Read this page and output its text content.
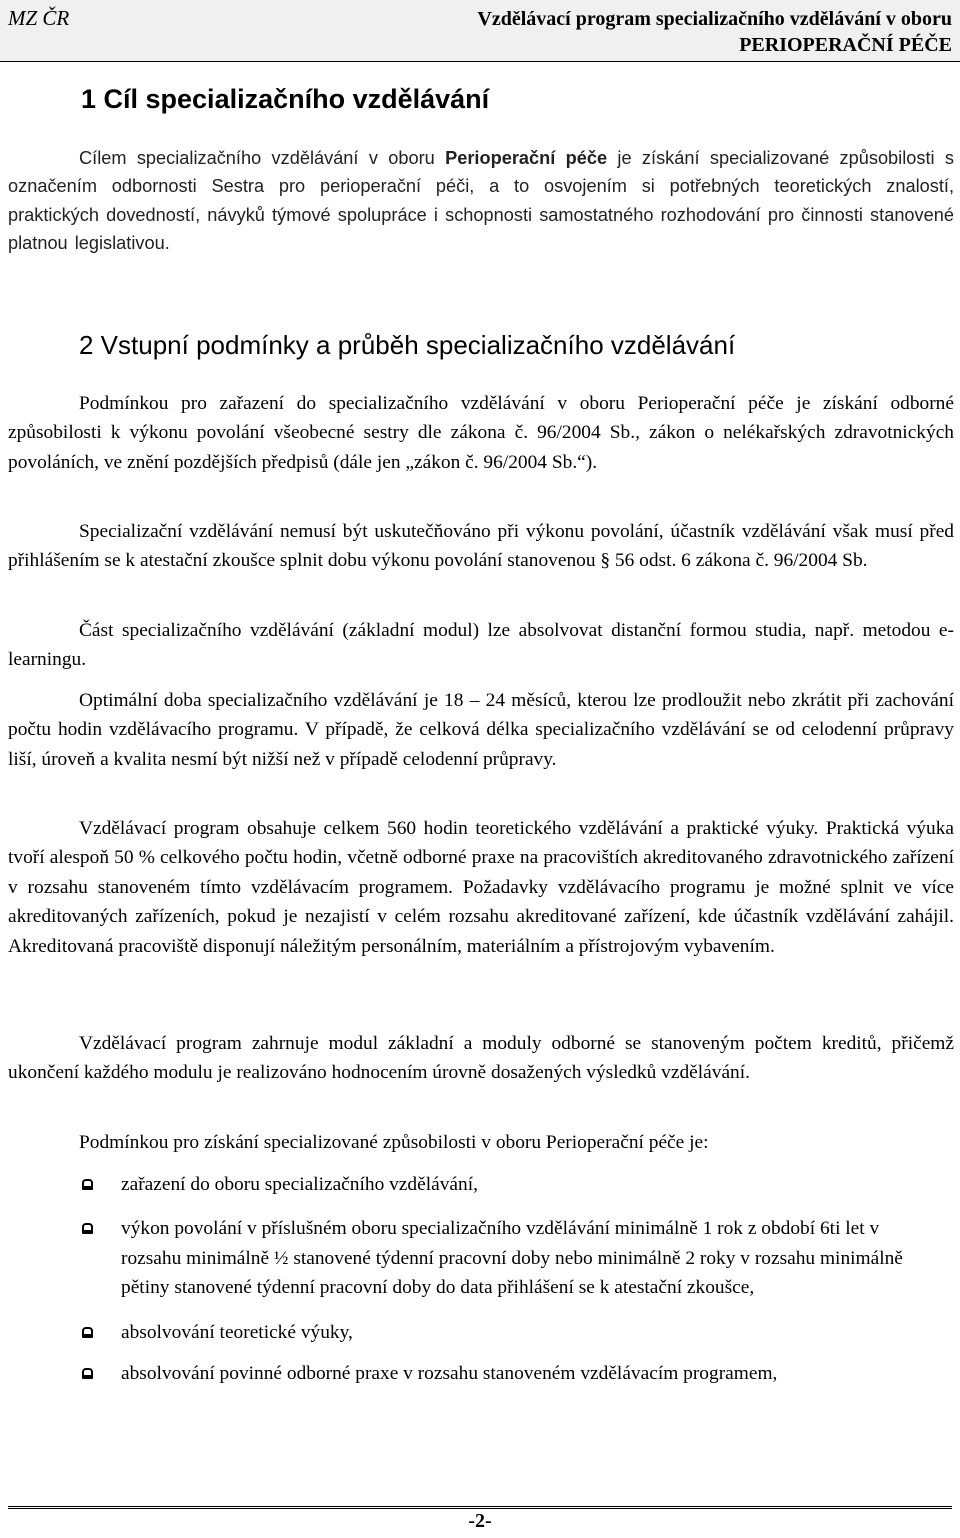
MZ ČR	Vzdělávací program specializačního vzdělávání v oboru
PERIOPERAČNÍ PÉČE
1 Cíl specializačního vzdělávání

Cílem specializačního vzdělávání v oboru Perioperační péče je získání specializované způsobilosti s označením odbornosti Sestra pro perioperační péči, a to osvojením si potřebných teoretických znalostí, praktických dovedností, návyků týmové spolupráce i schopnosti samostatného rozhodování pro činnosti stanovené platnou legislativou.

2 Vstupní podmínky a průběh specializačního vzdělávání

Podmínkou pro zařazení do specializačního vzdělávání v oboru Perioperační péče je získání odborné způsobilosti k výkonu povolání všeobecné sestry dle zákona č. 96/2004 Sb., zákon o nelékařských zdravotnických povoláních, ve znění pozdějších předpisů (dále jen „zákon č. 96/2004 Sb.“).

Specializační vzdělávání nemusí být uskutečňováno při výkonu povolání, účastník vzdělávání však musí před přihlášením se k atestační zkoušce splnit dobu výkonu povolání stanovenou § 56 odst. 6 zákona č. 96/2004 Sb.

Část specializačního vzdělávání (základní modul) lze absolvovat distanční formou studia, např. metodou e-learningu.

Optimální doba specializačního vzdělávání je 18 – 24 měsíců, kterou lze prodloužit nebo zkrátit při zachování počtu hodin vzdělávacího programu. V případě, že celková délka specializačního vzdělávání se od celodenní průpravy liší, úroveň a kvalita nesmí být nižší než v případě celodenní průpravy.

Vzdělávací program obsahuje celkem 560 hodin teoretického vzdělávání a praktické výuky. Praktická výuka tvoří alespoň 50 % celkového počtu hodin, včetně odborné praxe na pracovištích akreditovaného zdravotnického zařízení v rozsahu stanoveném tímto vzdělávacím programem. Požadavky vzdělávacího programu je možné splnit ve více akreditovaných zařízeních, pokud je nezajistí v celém rozsahu akreditované zařízení, kde účastník vzdělávání zahájil. Akreditovaná pracoviště disponují náležitým personálním, materiálním a přístrojovým vybavením.

Vzdělávací program zahrnuje modul základní a moduly odborné se stanoveným počtem kreditů, přičemž ukončení každého modulu je realizováno hodnocením úrovně dosažených výsledků vzdělávání.

Podmínkou pro získání specializované způsobilosti v oboru Perioperační péče je:

zařazení do oboru specializačního vzdělávání,
výkon povolání v příslušném oboru specializačního vzdělávání minimálně 1 rok z období 6ti let v rozsahu minimálně ½ stanovené týdenní pracovní doby nebo minimálně 2 roky v rozsahu minimálně pětiny stanovené týdenní pracovní doby do data přihlášení se k atestační zkoušce,
absolvování teoretické výuky,
absolvování povinné odborné praxe v rozsahu stanoveném vzdělávacím programem,
-2-
